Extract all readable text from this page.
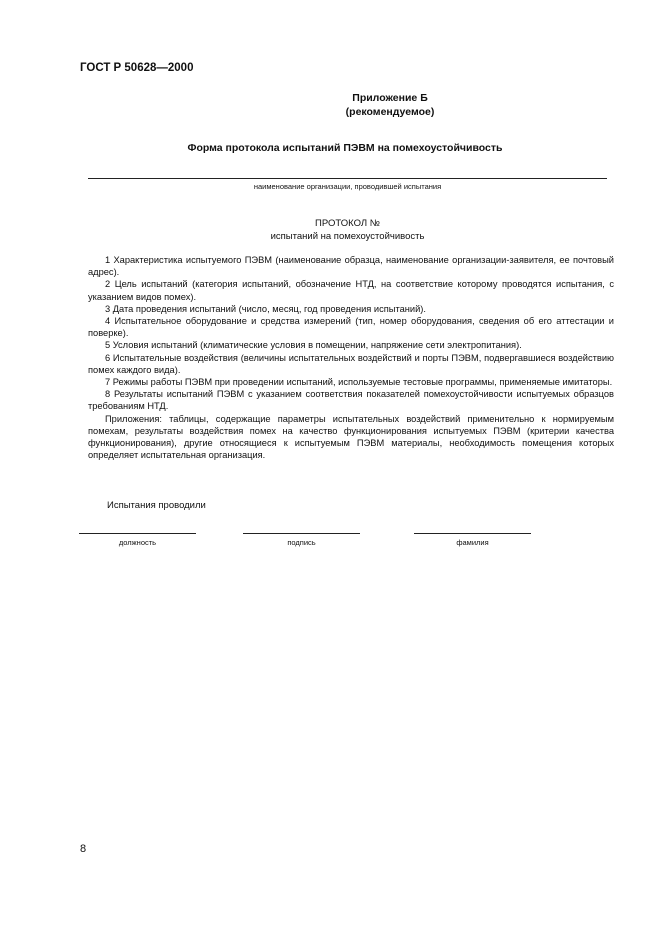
ГОСТ Р 50628—2000
Приложение Б
(рекомендуемое)
Форма протокола испытаний ПЭВМ на помехоустойчивость
наименование организации, проводившей испытания
ПРОТОКОЛ №
испытаний на помехоустойчивость

1 Характеристика испытуемого ПЭВМ (наименование образца, наименование организации-заявителя, ее почтовый адрес).

2 Цель испытаний (категория испытаний, обозначение НТД, на соответствие которому проводятся испытания, с указанием видов помех).

3 Дата проведения испытаний (число, месяц, год проведения испытаний).

4 Испытательное оборудование и средства измерений (тип, номер оборудования, сведения об его аттестации и поверке).

5 Условия испытаний (климатические условия в помещении, напряжение сети электропитания).

6 Испытательные воздействия (величины испытательных воздействий и порты ПЭВМ, подвергавшиеся воздействию помех каждого вида).

7 Режимы работы ПЭВМ при проведении испытаний, используемые тестовые программы, применяемые имитаторы.

8 Результаты испытаний ПЭВМ с указанием соответствия показателей помехоустойчивости испытуемых образцов требованиям НТД.

Приложения: таблицы, содержащие параметры испытательных воздействий применительно к нормируемым помехам, результаты воздействия помех на качество функционирования испытуемых ПЭВМ (критерии качества функционирования), другие относящиеся к испытуемым ПЭВМ материалы, необходимость помещения которых определяет испытательная организация.

Испытания проводили
должность	подпись	фамилия
8
